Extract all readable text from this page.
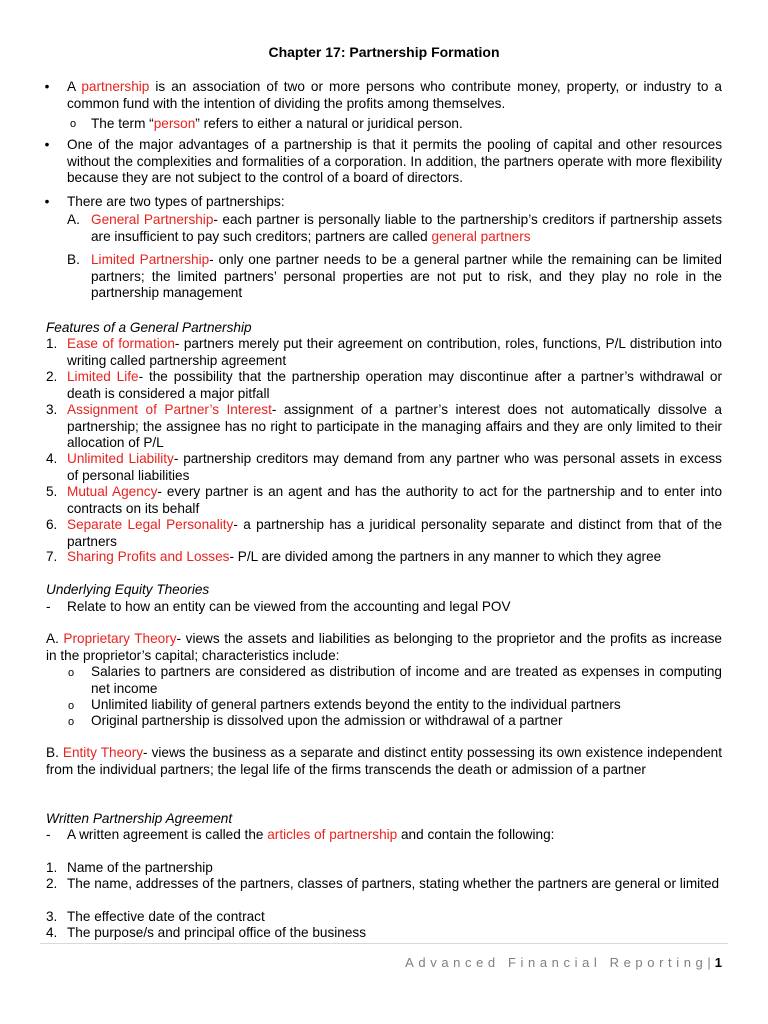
Chapter 17: Partnership Formation
• A partnership is an association of two or more persons who contribute money, property, or industry to a common fund with the intention of dividing the profits among themselves.
o The term “person” refers to either a natural or juridical person.
• One of the major advantages of a partnership is that it permits the pooling of capital and other resources without the complexities and formalities of a corporation. In addition, the partners operate with more flexibility because they are not subject to the control of a board of directors.
• There are two types of partnerships:
A. General Partnership- each partner is personally liable to the partnership’s creditors if partnership assets are insufficient to pay such creditors; partners are called general partners
B. Limited Partnership- only one partner needs to be a general partner while the remaining can be limited partners; the limited partners’ personal properties are not put to risk, and they play no role in the partnership management
Features of a General Partnership
1. Ease of formation- partners merely put their agreement on contribution, roles, functions, P/L distribution into writing called partnership agreement
2. Limited Life- the possibility that the partnership operation may discontinue after a partner’s withdrawal or death is considered a major pitfall
3. Assignment of Partner’s Interest- assignment of a partner’s interest does not automatically dissolve a partnership; the assignee has no right to participate in the managing affairs and they are only limited to their allocation of P/L
4. Unlimited Liability- partnership creditors may demand from any partner who was personal assets in excess of personal liabilities
5. Mutual Agency- every partner is an agent and has the authority to act for the partnership and to enter into contracts on its behalf
6. Separate Legal Personality- a partnership has a juridical personality separate and distinct from that of the partners
7. Sharing Profits and Losses- P/L are divided among the partners in any manner to which they agree
Underlying Equity Theories
- Relate to how an entity can be viewed from the accounting and legal POV
A. Proprietary Theory- views the assets and liabilities as belonging to the proprietor and the profits as increase in the proprietor’s capital; characteristics include:
o Salaries to partners are considered as distribution of income and are treated as expenses in computing net income
o Unlimited liability of general partners extends beyond the entity to the individual partners
o Original partnership is dissolved upon the admission or withdrawal of a partner
B. Entity Theory- views the business as a separate and distinct entity possessing its own existence independent from the individual partners; the legal life of the firms transcends the death or admission of a partner
Written Partnership Agreement
- A written agreement is called the articles of partnership and contain the following:
1. Name of the partnership
2. The name, addresses of the partners, classes of partners, stating whether the partners are general or limited
3. The effective date of the contract
4. The purpose/s and principal office of the business
Advanced Financial Reporting| 1
